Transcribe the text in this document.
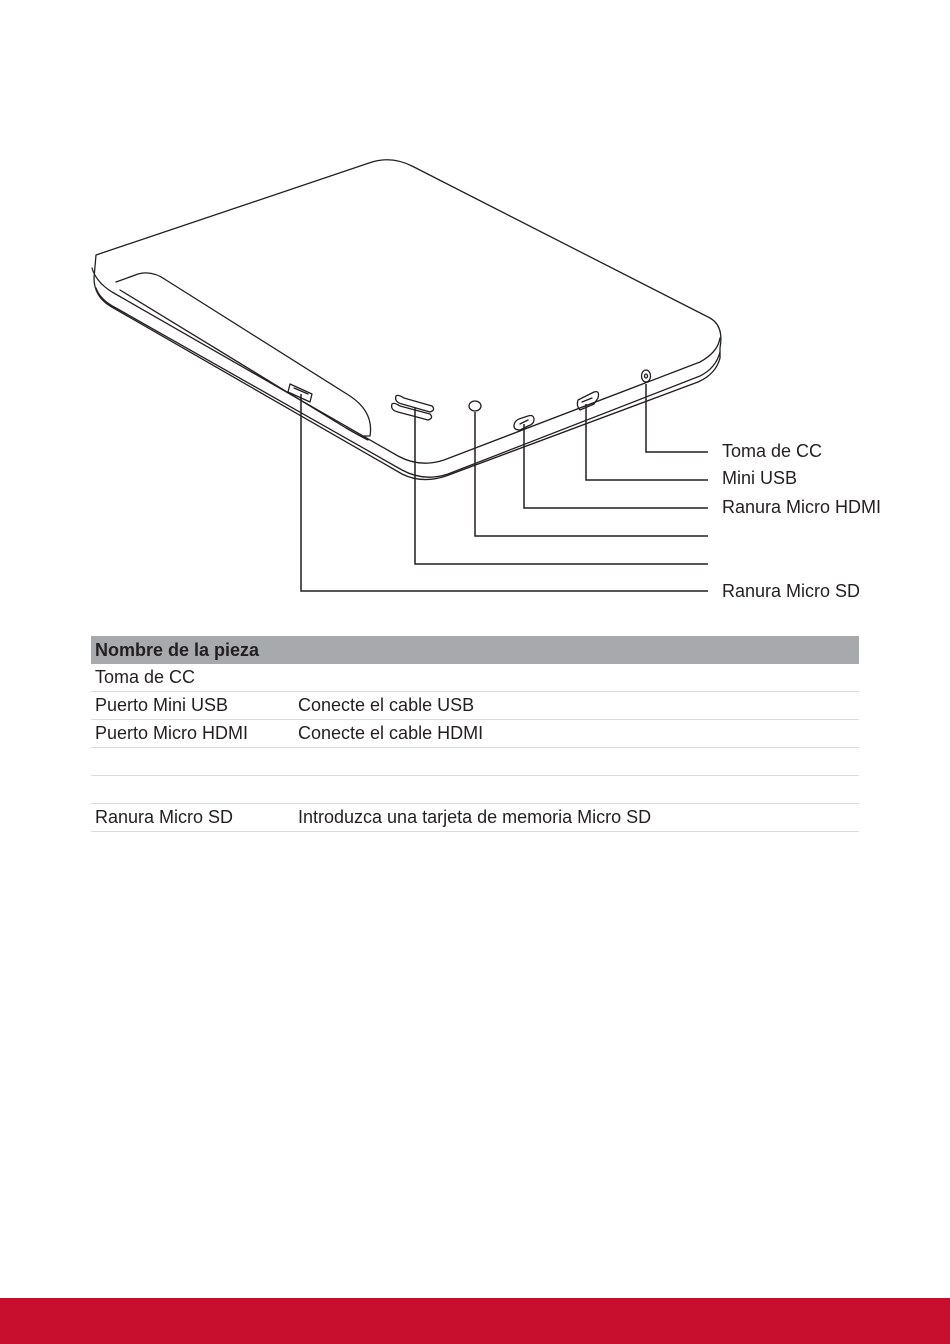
Toma de CC
Mini USB
Ranura Micro HDMI
Ranura Micro SD
Nombre de la pieza	
Toma de CC	
Puerto Mini USB	Conecte el cable USB
Puerto Micro HDMI	Conecte el cable HDMI

Ranura Micro SD	Introduzca una tarjeta de memoria Micro SD
